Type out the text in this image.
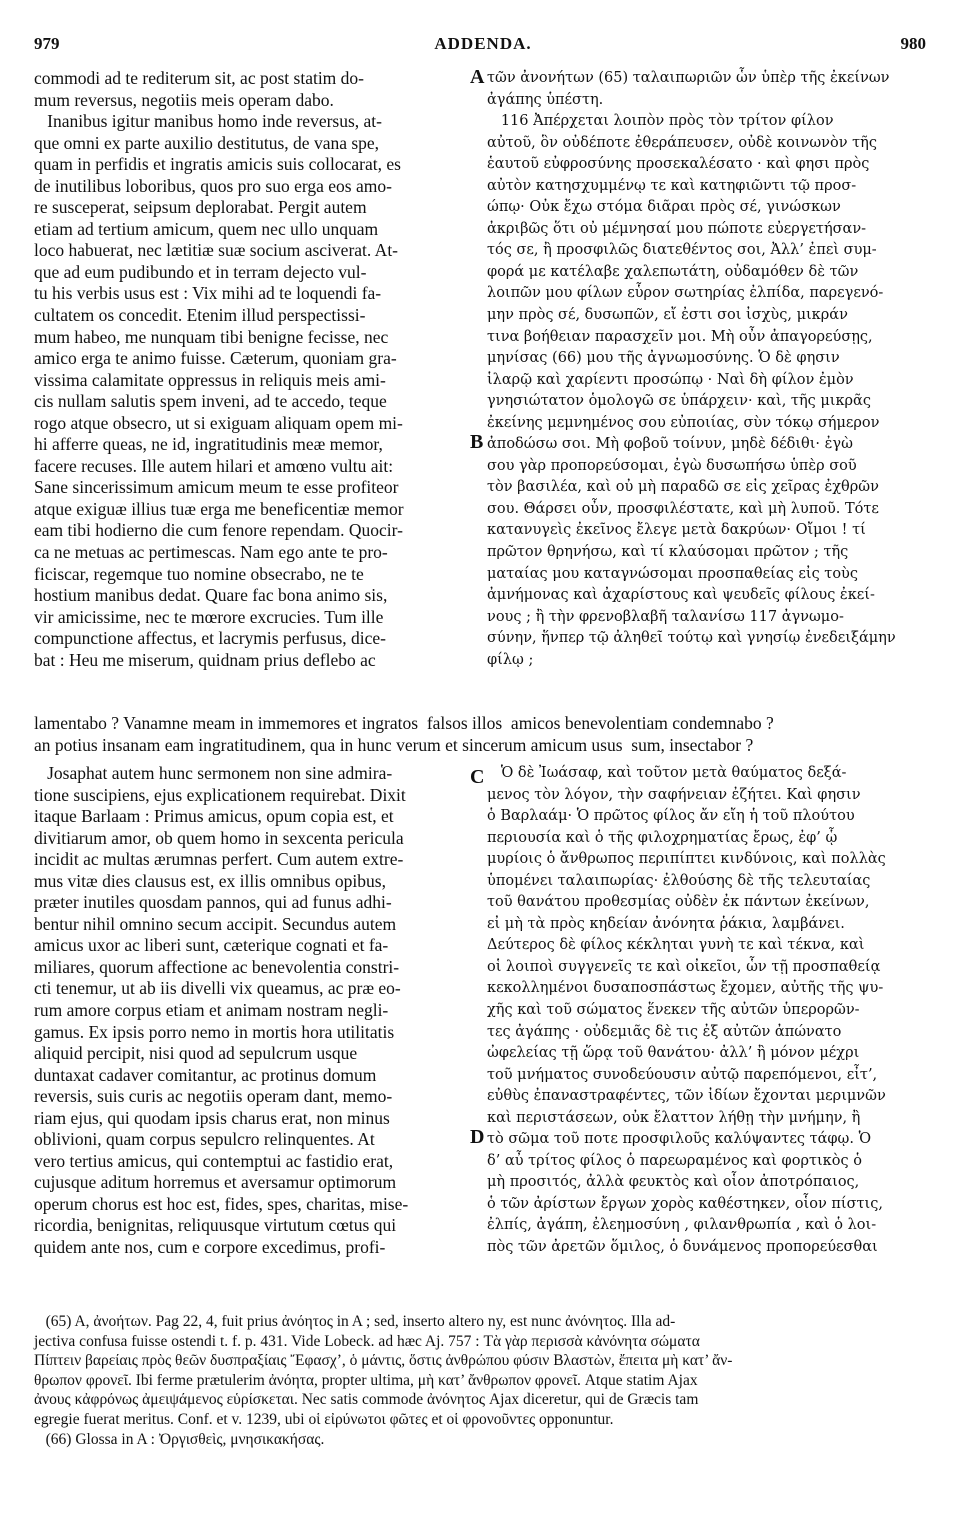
979	ADDENDA.	980
A
B
C
D

commodi ad te rediterum sit, ac post statim do-
mum reversus, negotiis meis operam dabo.
Inanibus igitur manibus homo inde reversus, at-
que omni ex parte auxilio destitutus, de vana spe,
quam in perfidis et ingratis amicis suis collocarat, es
de inutilibus loboribus, quos pro suo erga eos amo-
re susceperat, seipsum deplorabat. Pergit autem
etiam ad tertium amicum, quem nec ullo unquam
loco habuerat, nec lætitiæ suæ socium asciverat. At-
que ad eum pudibundo et in terram dejecto vul-
tu his verbis usus est : Vix mihi ad te loquendi fa-
cultatem os concedit. Etenim illud perspectissi-
mum habeo, me nunquam tibi benigne fecisse, nec
amico erga te animo fuisse. Cæterum, quoniam gra-
vissima calamitate oppressus in reliquis meis ami-
cis nullam salutis spem inveni, ad te accedo, teque
rogo atque obsecro, ut si exiguam aliquam opem mi-
hi afferre queas, ne id, ingratitudinis meæ memor,
facere recuses. Ille autem hilari et amœno vultu ait:
Sane sincerissimum amicum meum te esse profiteor
atque exiguæ illius tuæ erga me beneficentiæ memor
eam tibi hodierno die cum fenore rependam. Quocir-
ca ne metuas ac pertimescas. Nam ego ante te pro-
ficiscar, regemque tuo nomine obsecrabo, ne te
hostium manibus dedat. Quare fac bona animo sis,
vir amicissime, nec te mœrore excrucies. Tum ille
compunctione affectus, et lacrymis perfusus, dice-
bat : Heu me miserum, quidnam prius deflebo ac

τῶν ἀνονήτων (65) ταλαιπωριῶν ὧν ὑπὲρ τῆς ἐκείνων
ἀγάπης ὑπέστη.
116 Ἀπέρχεται λοιπὸν πρὸς τὸν τρίτον φίλον
αὐτοῦ, ὃν οὐδέποτε ἐθεράπευσεν, οὐδὲ κοινωνὸν τῆς
ἑαυτοῦ εὐφροσύνης προσεκαλέσατο · καὶ φησι πρὸς
αὐτὸν κατησχυμμένῳ τε καὶ κατηφιῶντι τῷ προσ-
ώπῳ· Οὐκ ἔχω στόμα διᾶραι πρὸς σέ, γινώσκων
ἀκριβῶς ὅτι οὐ μέμνησαί μου πώποτε εὐεργετήσαν-
τός σε, ἢ προσφιλῶς διατεθέντος σοι, Ἀλλ’ ἐπεὶ συμ-
φορά με κατέλαβε χαλεπωτάτη, οὐδαμόθεν δὲ τῶν
λοιπῶν μου φίλων εὗρον σωτηρίας ἐλπίδα, παρεγενό-
μην πρὸς σέ, δυσωπῶν, εἴ ἐστι σοι ἰσχὺς, μικράν
τινα βοήθειαν παρασχεῖν μοι. Μὴ οὖν ἀπαγορεύσῃς,
μηνίσας (66) μου τῆς ἀγνωμοσύνης. Ὁ δὲ φησιν
ἱλαρῷ καὶ χαρίεντι προσώπῳ · Ναὶ δὴ φίλον ἐμὸν
γνησιώτατον ὁμολογῶ σε ὑπάρχειν· καὶ, τῆς μικρᾶς
ἐκείνης μεμνημένος σου εὐποιίας, σὺν τόκῳ σήμερον
ἀποδώσω σοι. Μὴ φοβοῦ τοίνυν, μηδὲ δέδιθι· ἐγὼ
σου γὰρ προπορεύσομαι, ἐγὼ δυσωπήσω ὑπὲρ σοῦ
τὸν βασιλέα, καὶ οὐ μὴ παραδῶ σε εἰς χεῖρας ἐχθρῶν
σου. Θάρσει οὖν, προσφιλέστατε, καὶ μὴ λυποῦ. Τότε
κατανυγεὶς ἐκεῖνος ἔλεγε μετὰ δακρύων· Οἴμοι ! τί
πρῶτον θρηνήσω, καὶ τί κλαύσομαι πρῶτον ; τῆς
ματαίας μου καταγνώσομαι προσπαθείας εἰς τοὺς
ἀμνήμονας καὶ ἀχαρίστους καὶ ψευδεῖς φίλους ἐκεί-
νους ; ἢ τὴν φρενοβλαβῆ ταλανίσω 117 ἀγνωμο-
σύνην, ἥνπερ τῷ ἀληθεῖ τούτῳ καὶ γνησίῳ ἐνεδειξάμην
φίλῳ ;

lamentabo ? Vanamne meam in immemores et ingratos  falsos illos  amicos benevolentiam condemnabo ?
an potius insanam eam ingratitudinem, qua in hunc verum et sincerum amicum usus  sum, insectabor ?

Josaphat autem hunc sermonem non sine admira-
tione suscipiens, ejus explicationem requirebat. Dixit
itaque Barlaam : Primus amicus, opum copia est, et
divitiarum amor, ob quem homo in sexcenta pericula
incidit ac multas ærumnas perfert. Cum autem extre-
mus vitæ dies clausus est, ex illis omnibus opibus,
præter inutiles quosdam pannos, qui ad funus adhi-
bentur nihil omnino secum accipit. Secundus autem
amicus uxor ac liberi sunt, cæterique cognati et fa-
miliares, quorum affectione ac benevolentia constri-
cti tenemur, ut ab iis divelli vix queamus, ac præ eo-
rum amore corpus etiam et animam nostram negli-
gamus. Ex ipsis porro nemo in mortis hora utilitatis
aliquid percipit, nisi quod ad sepulcrum usque
duntaxat cadaver comitantur, ac protinus domum
reversis, suis curis ac negotiis operam dant, memo-
riam ejus, qui quodam ipsis charus erat, non minus
oblivioni, quam corpus sepulcro relinquentes. At
vero tertius amicus, qui contemptui ac fastidio erat,
cujusque aditum horremus et aversamur optimorum
operum chorus est hoc est, fides, spes, charitas, mise-
ricordia, benignitas, reliquusque virtutum cœtus qui
quidem ante nos, cum e corpore excedimus, profi-

Ὁ δὲ Ἰωάσαφ, καὶ τοῦτον μετὰ θαύματος δεξά-
μενος τὸν λόγον, τὴν σαφήνειαν ἐζήτει. Καὶ φησιν
ὁ Βαρλαάμ· Ὁ πρῶτος φίλος ἄν εἴη ἡ τοῦ πλούτου
περιουσία καὶ ὁ τῆς φιλοχρηματίας ἔρως, ἐφ’ ᾧ
μυρίοις ὁ ἄνθρωπος περιπίπτει κινδύνοις, καὶ πολλὰς
ὑπομένει ταλαιπωρίας· ἐλθούσης δὲ τῆς τελευταίας
τοῦ θανάτου προθεσμίας οὐδὲν ἐκ πάντων ἐκείνων,
εἰ μὴ τὰ πρὸς κηδείαν ἀνόνητα ῥάκια, λαμβάνει.
Δεύτερος δὲ φίλος κέκληται γυνὴ τε καὶ τέκνα, καὶ
οἱ λοιποὶ συγγενεῖς τε καὶ οἰκεῖοι, ὧν τῇ προσπαθείᾳ
κεκολλημένοι δυσαποσπάστως ἔχομεν, αὐτῆς τῆς ψυ-
χῆς καὶ τοῦ σώματος ἕνεκεν τῆς αὐτῶν ὑπερορῶν-
τες ἀγάπης · οὐδεμιᾶς δὲ τις ἐξ αὐτῶν ἀπώνατο
ὠφελείας τῇ ὥρᾳ τοῦ θανάτου· ἀλλ’ ἢ μόνον μέχρι
τοῦ μνήματος συνοδεύουσιν αὐτῷ παρεπόμενοι, εἶτ’,
εὐθὺς ἐπαναστραφέντες, τῶν ἰδίων ἔχονται μεριμνῶν
καὶ περιστάσεων, οὐκ ἔλαττον λήθῃ τὴν μνήμην, ἢ
τὸ σῶμα τοῦ ποτε προσφιλοῦς καλύψαντες τάφῳ. Ὁ
δ’ αὖ τρίτος φίλος ὁ παρεωραμένος καὶ φορτικὸς ὁ
μὴ προσιτός, ἀλλὰ φευκτὸς καὶ οἷον ἀποτρόπαιος,
ὁ τῶν ἀρίστων ἔργων χορὸς καθέστηκεν, οἷον πίστις,
ἐλπίς, ἀγάπη, ἐλεημοσύνη , φιλανθρωπία , καὶ ὁ λοι-
πὸς τῶν ἀρετῶν ὅμιλος, ὁ δυνάμενος προπορεύεσθαι

(65) A, ἀνοήτων. Pag 22, 4, fuit prius ἀνόητος in A ; sed, inserto altero ny, est nunc ἀνόνητος. Illa ad-
jectiva confusa fuisse ostendi t. f. p. 431. Vide Lobeck. ad hæc Aj. 757 : Τὰ γὰρ περισσὰ κἀνόνητα σώματα
Πίπτειν βαρείαις πρὸς θεῶν δυσπραξίαις Ἔφασχ’, ὁ μάντις, ὅστις ἀνθρώπου φύσιν Βλαστὼν, ἔπειτα μὴ κατ’ ἄν-
θρωπον φρονεῖ. Ibi ferme prætulerim ἀνόητα, propter ultima, μὴ κατ’ ἄνθρωπον φρονεῖ. Atque statim Ajax
ἀνους κἀφρόνως ἀμειψάμενος εὑρίσκεται. Nec satis commode ἀνόνητος Ajax diceretur, qui de Græcis tam
egregie fuerat meritus. Conf. et v. 1239, ubi οἱ εἰρύνωτοι φῶτες et οἱ φρονοῦντες opponuntur.
(66) Glossa in A : Ὀργισθεὶς, μνησικακήσας.
